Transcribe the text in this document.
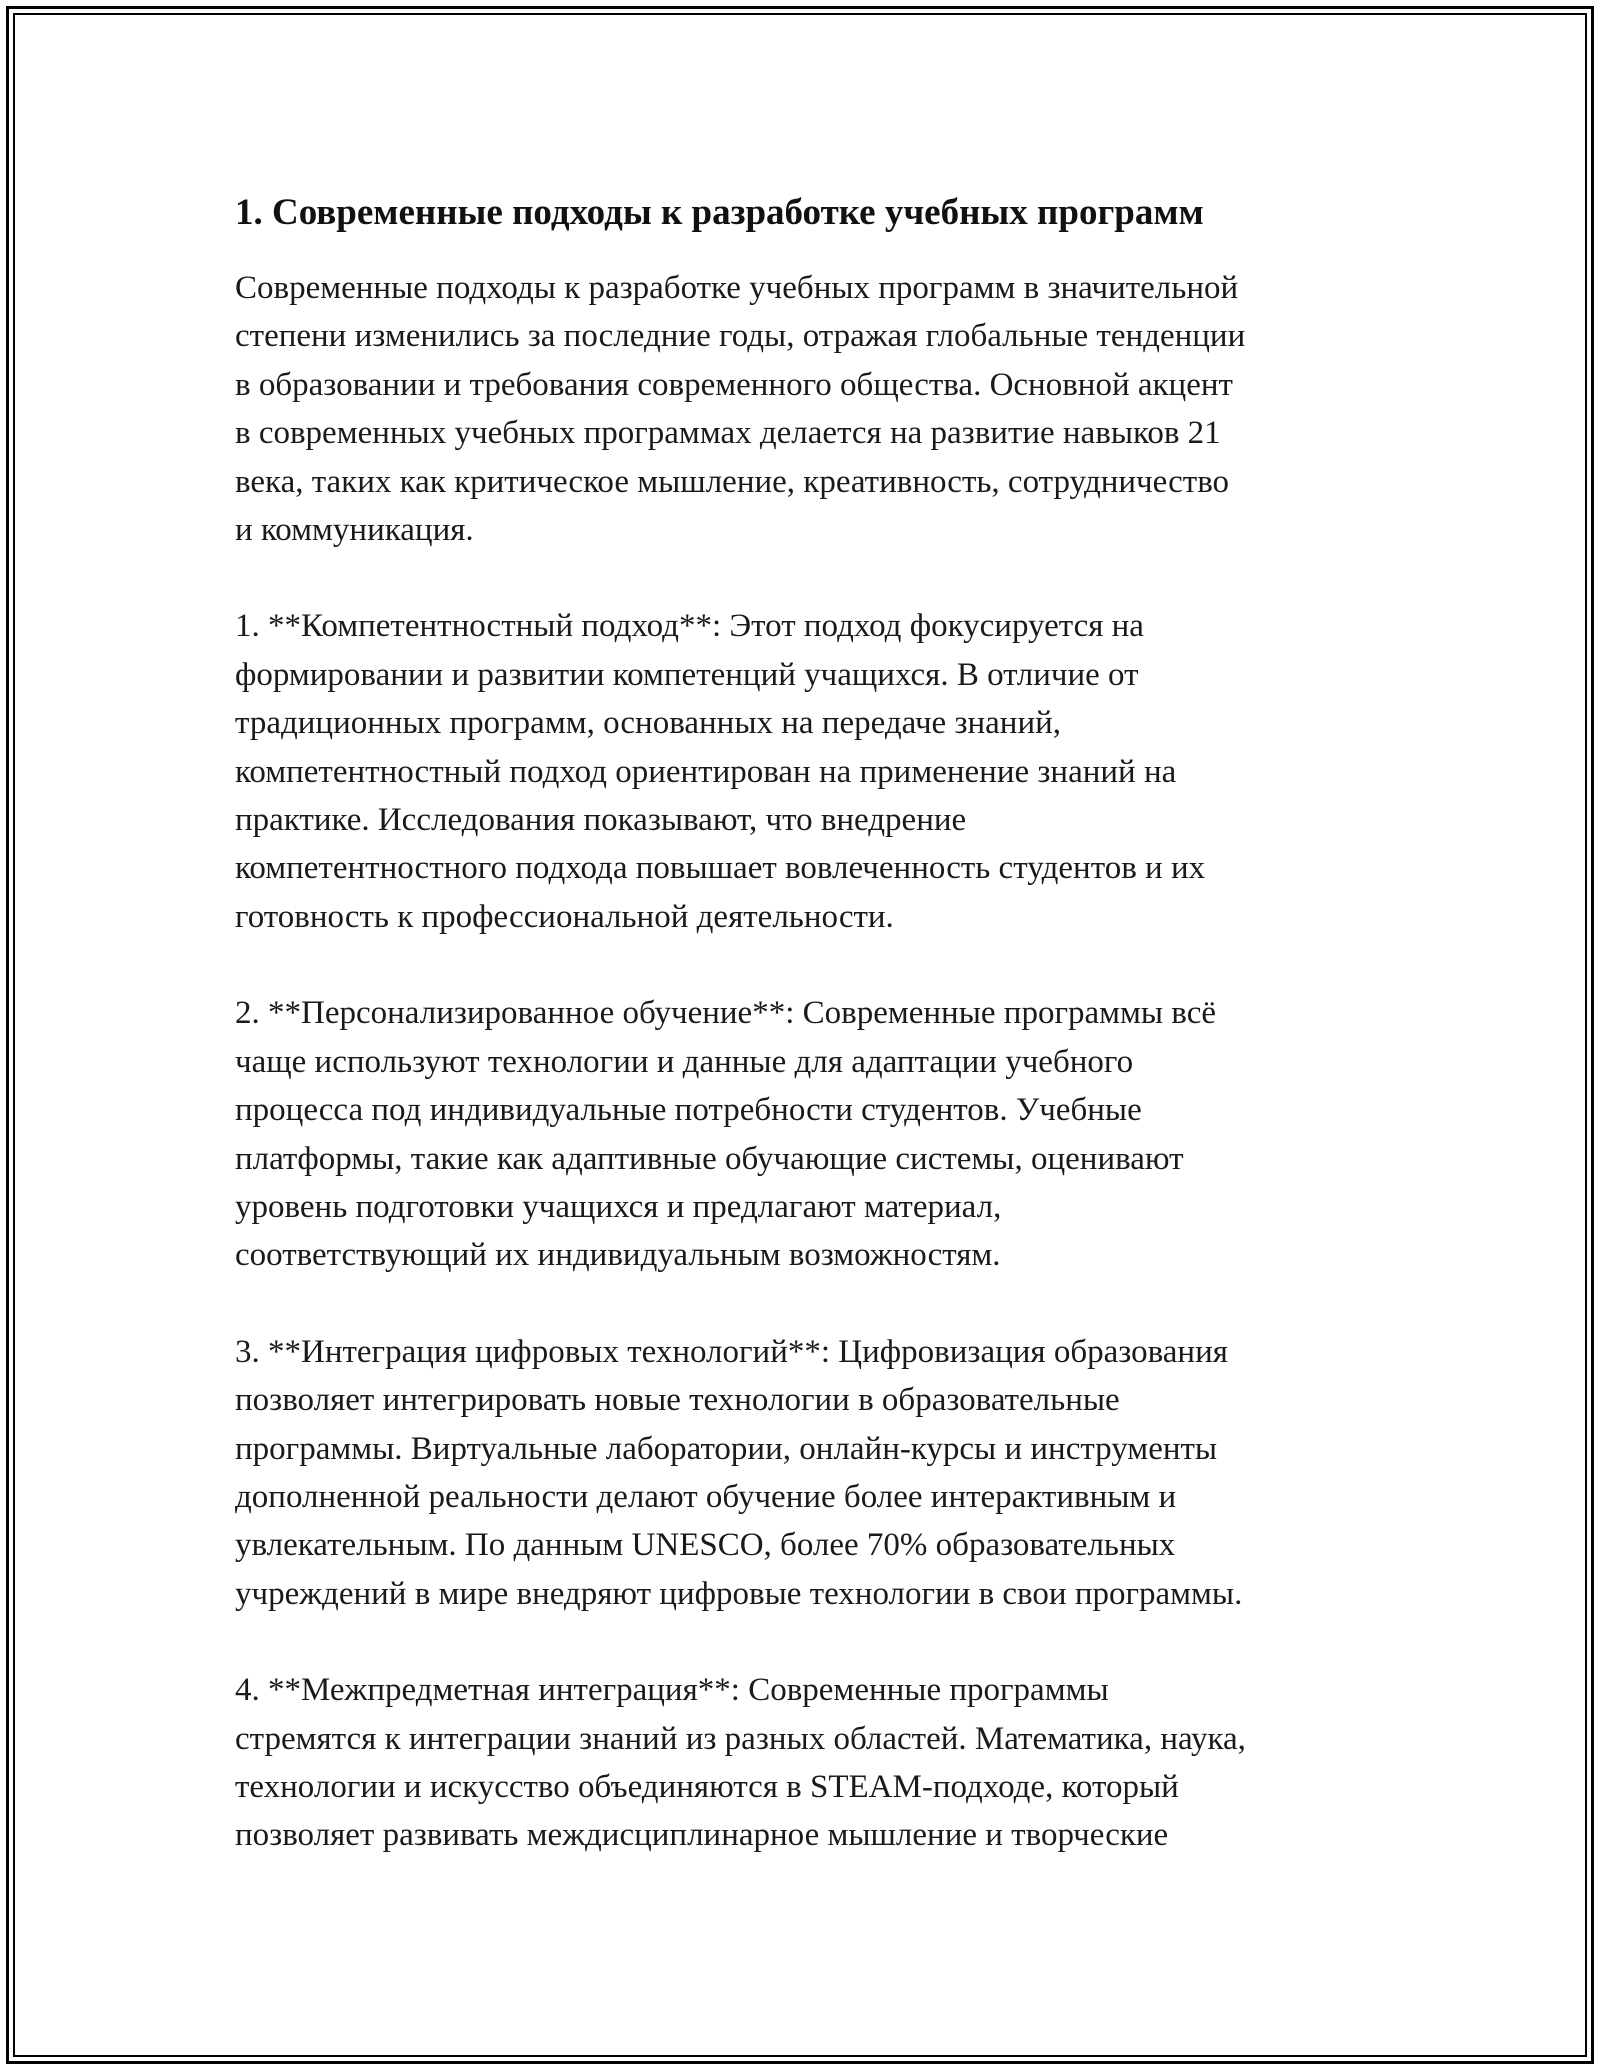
1. Современные подходы к разработке учебных программ

Современные подходы к разработке учебных программ в значительной
степени изменились за последние годы, отражая глобальные тенденции
в образовании и требования современного общества. Основной акцент
в современных учебных программах делается на развитие навыков 21
века, таких как критическое мышление, креативность, сотрудничество
и коммуникация.

1. **Компетентностный подход**: Этот подход фокусируется на
формировании и развитии компетенций учащихся. В отличие от
традиционных программ, основанных на передаче знаний,
компетентностный подход ориентирован на применение знаний на
практике. Исследования показывают, что внедрение
компетентностного подхода повышает вовлеченность студентов и их
готовность к профессиональной деятельности.

2. **Персонализированное обучение**: Современные программы всё
чаще используют технологии и данные для адаптации учебного
процесса под индивидуальные потребности студентов. Учебные
платформы, такие как адаптивные обучающие системы, оценивают
уровень подготовки учащихся и предлагают материал,
соответствующий их индивидуальным возможностям.

3. **Интеграция цифровых технологий**: Цифровизация образования
позволяет интегрировать новые технологии в образовательные
программы. Виртуальные лаборатории, онлайн-курсы и инструменты
дополненной реальности делают обучение более интерактивным и
увлекательным. По данным UNESCO, более 70% образовательных
учреждений в мире внедряют цифровые технологии в свои программы.

4. **Межпредметная интеграция**: Современные программы
стремятся к интеграции знаний из разных областей. Математика, наука,
технологии и искусство объединяются в STEAM-подходе, который
позволяет развивать междисциплинарное мышление и творческие
